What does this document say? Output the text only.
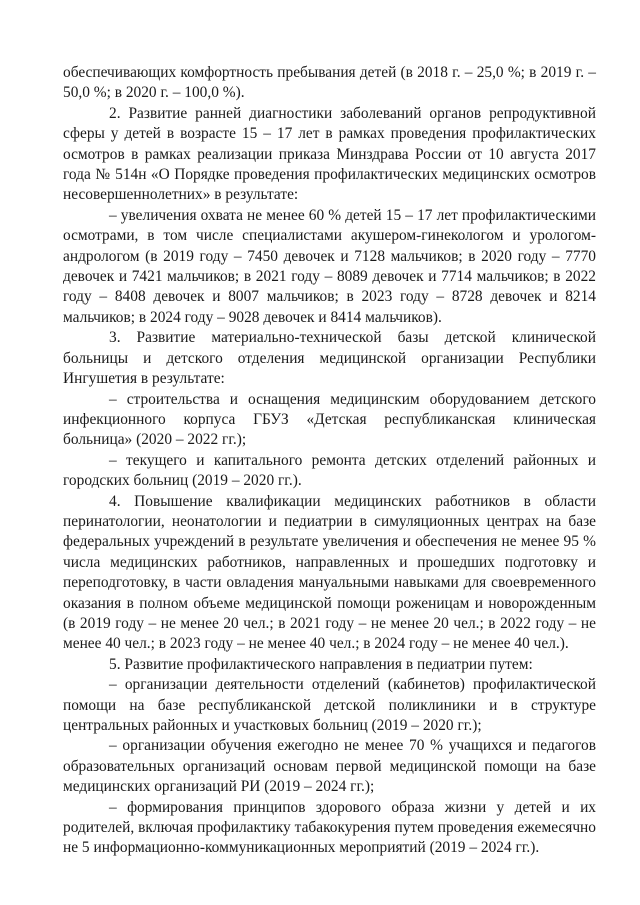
обеспечивающих комфортность пребывания детей (в 2018 г. – 25,0 %; в 2019 г. – 50,0 %; в 2020 г. – 100,0 %).

2. Развитие ранней диагностики заболеваний органов репродуктивной сферы у детей в возрасте 15 – 17 лет в рамках проведения профилактических осмотров в рамках реализации приказа Минздрава России от 10 августа 2017 года № 514н «О Порядке проведения профилактических медицинских осмотров несовершеннолетних» в результате:

– увеличения охвата не менее 60 % детей 15 – 17 лет профилактическими осмотрами, в том числе специалистами акушером-гинекологом и урологом-андрологом (в 2019 году – 7450 девочек и 7128 мальчиков; в 2020 году – 7770 девочек и 7421 мальчиков; в 2021 году – 8089 девочек и 7714 мальчиков; в 2022 году – 8408 девочек и 8007 мальчиков; в 2023 году – 8728 девочек и 8214 мальчиков; в 2024 году – 9028 девочек и 8414 мальчиков).

3. Развитие материально-технической базы детской клинической больницы и детского отделения медицинской организации Республики Ингушетия в результате:

– строительства и оснащения медицинским оборудованием детского инфекционного корпуса ГБУЗ «Детская республиканская клиническая больница» (2020 – 2022 гг.);

– текущего и капитального ремонта детских отделений районных и городских больниц (2019 – 2020 гг.).

4. Повышение квалификации медицинских работников в области перинатологии, неонатологии и педиатрии в симуляционных центрах на базе федеральных учреждений в результате увеличения и обеспечения не менее 95 % числа медицинских работников, направленных и прошедших подготовку и переподготовку, в части овладения мануальными навыками для своевременного оказания в полном объеме медицинской помощи роженицам и новорожденным (в 2019 году – не менее 20 чел.; в 2021 году – не менее 20 чел.; в 2022 году – не менее 40 чел.; в 2023 году – не менее 40 чел.; в 2024 году – не менее 40 чел.).

5. Развитие профилактического направления в педиатрии путем:

– организации деятельности отделений (кабинетов) профилактической помощи на базе республиканской детской поликлиники и в структуре центральных районных и участковых больниц (2019 – 2020 гг.);

– организации обучения ежегодно не менее 70 % учащихся и педагогов образовательных организаций основам первой медицинской помощи на базе медицинских организаций РИ (2019 – 2024 гг.);

– формирования принципов здорового образа жизни у детей и их родителей, включая профилактику табакокурения путем проведения ежемесячно не 5 информационно-коммуникационных мероприятий (2019 – 2024 гг.).
